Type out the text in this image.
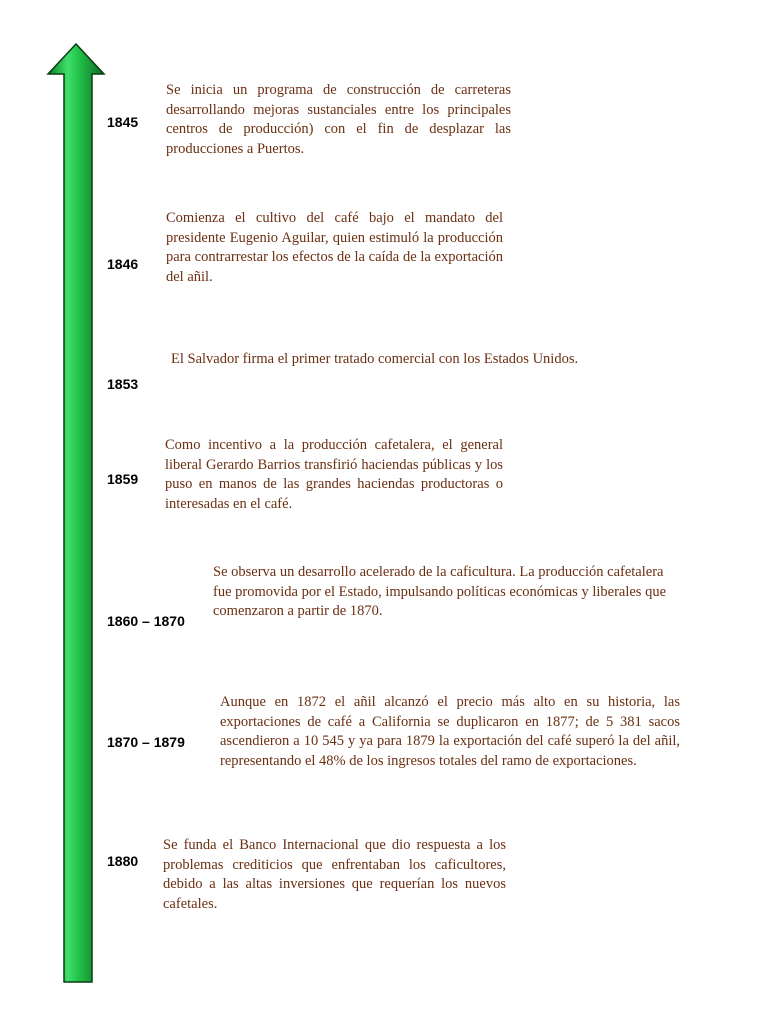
1845
Se inicia un programa de construcción de carreteras desarrollando mejoras sustanciales entre los principales centros de producción) con el fin de desplazar las producciones a Puertos.
1846
Comienza el cultivo del café bajo el mandato del presidente Eugenio Aguilar, quien estimuló la producción para contrarrestar los efectos de la caída de la exportación del añil.
1853
El Salvador firma el primer tratado comercial con los Estados Unidos.
1859
Como incentivo a la producción cafetalera, el general liberal Gerardo Barrios transfirió haciendas públicas y los puso en manos de las grandes haciendas productoras o interesadas en el café.
1860 – 1870
Se observa un desarrollo acelerado de la caficultura. La producción cafetalera fue promovida por el Estado, impulsando políticas económicas y liberales que comenzaron a partir de 1870.
1870 – 1879
Aunque en 1872 el añil alcanzó el precio más alto en su historia, las exportaciones de café a California se duplicaron en 1877; de 5 381 sacos ascendieron a 10 545 y ya para 1879 la exportación del café superó la del añil, representando el 48% de los ingresos totales del ramo de exportaciones.
1880
Se funda el Banco Internacional que dio respuesta a los problemas crediticios que enfrentaban los caficultores, debido a las altas inversiones que requerían los nuevos cafetales.
